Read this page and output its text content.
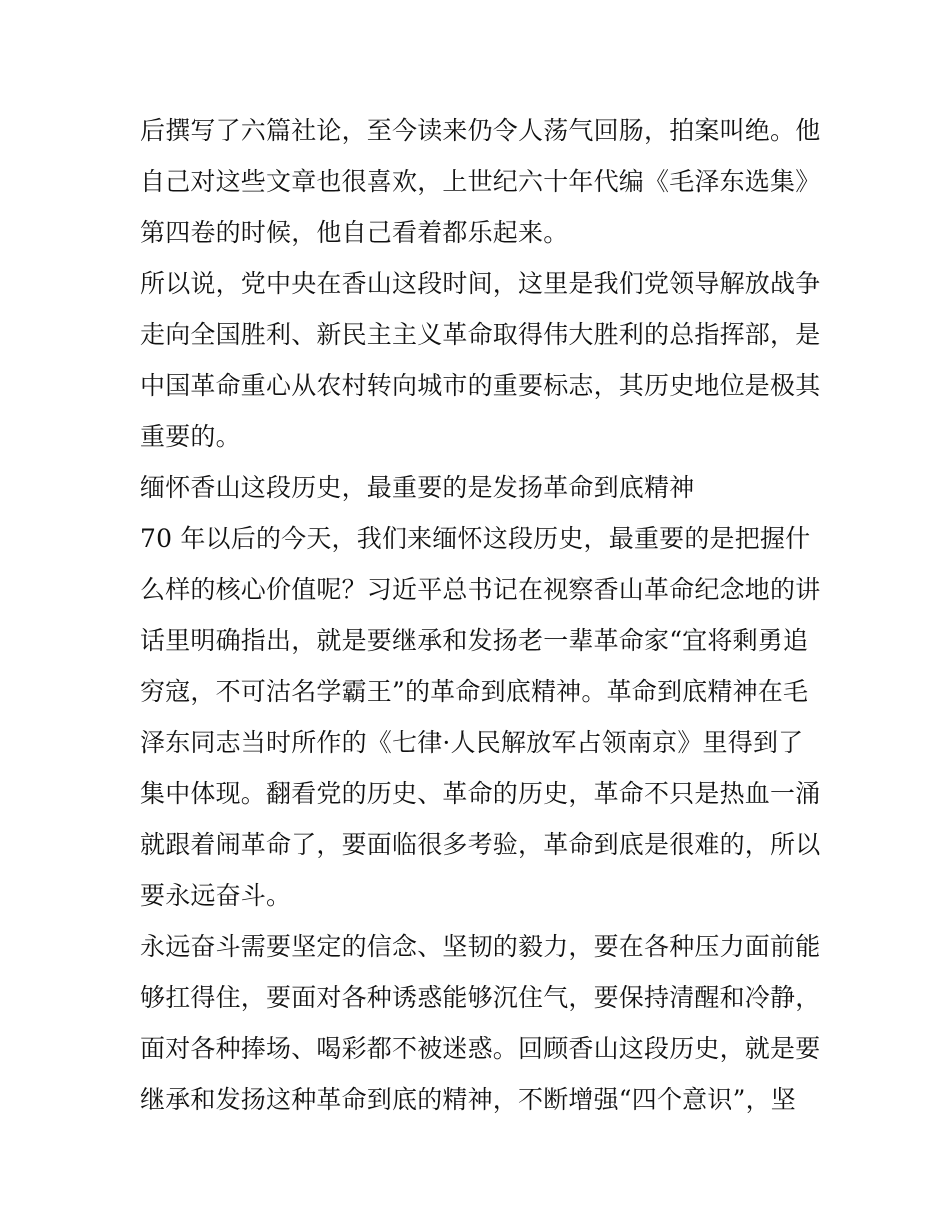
后撰写了六篇社论，至今读来仍令人荡气回肠，拍案叫绝。他
自己对这些文章也很喜欢，上世纪六十年代编《毛泽东选集》
第四卷的时候，他自己看着都乐起来。
所以说，党中央在香山这段时间，这里是我们党领导解放战争
走向全国胜利、新民主主义革命取得伟大胜利的总指挥部，是
中国革命重心从农村转向城市的重要标志，其历史地位是极其
重要的。
缅怀香山这段历史，最重要的是发扬革命到底精神
70 年以后的今天，我们来缅怀这段历史，最重要的是把握什
么样的核心价值呢？习近平总书记在视察香山革命纪念地的讲
话里明确指出，就是要继承和发扬老一辈革命家“宜将剩勇追
穷寇，不可沽名学霸王”的革命到底精神。革命到底精神在毛
泽东同志当时所作的《七律·人民解放军占领南京》里得到了
集中体现。翻看党的历史、革命的历史，革命不只是热血一涌
就跟着闹革命了，要面临很多考验，革命到底是很难的，所以
要永远奋斗。
永远奋斗需要坚定的信念、坚韧的毅力，要在各种压力面前能
够扛得住，要面对各种诱惑能够沉住气，要保持清醒和冷静，
面对各种捧场、喝彩都不被迷惑。回顾香山这段历史，就是要
继承和发扬这种革命到底的精神，不断增强“四个意识”，坚
